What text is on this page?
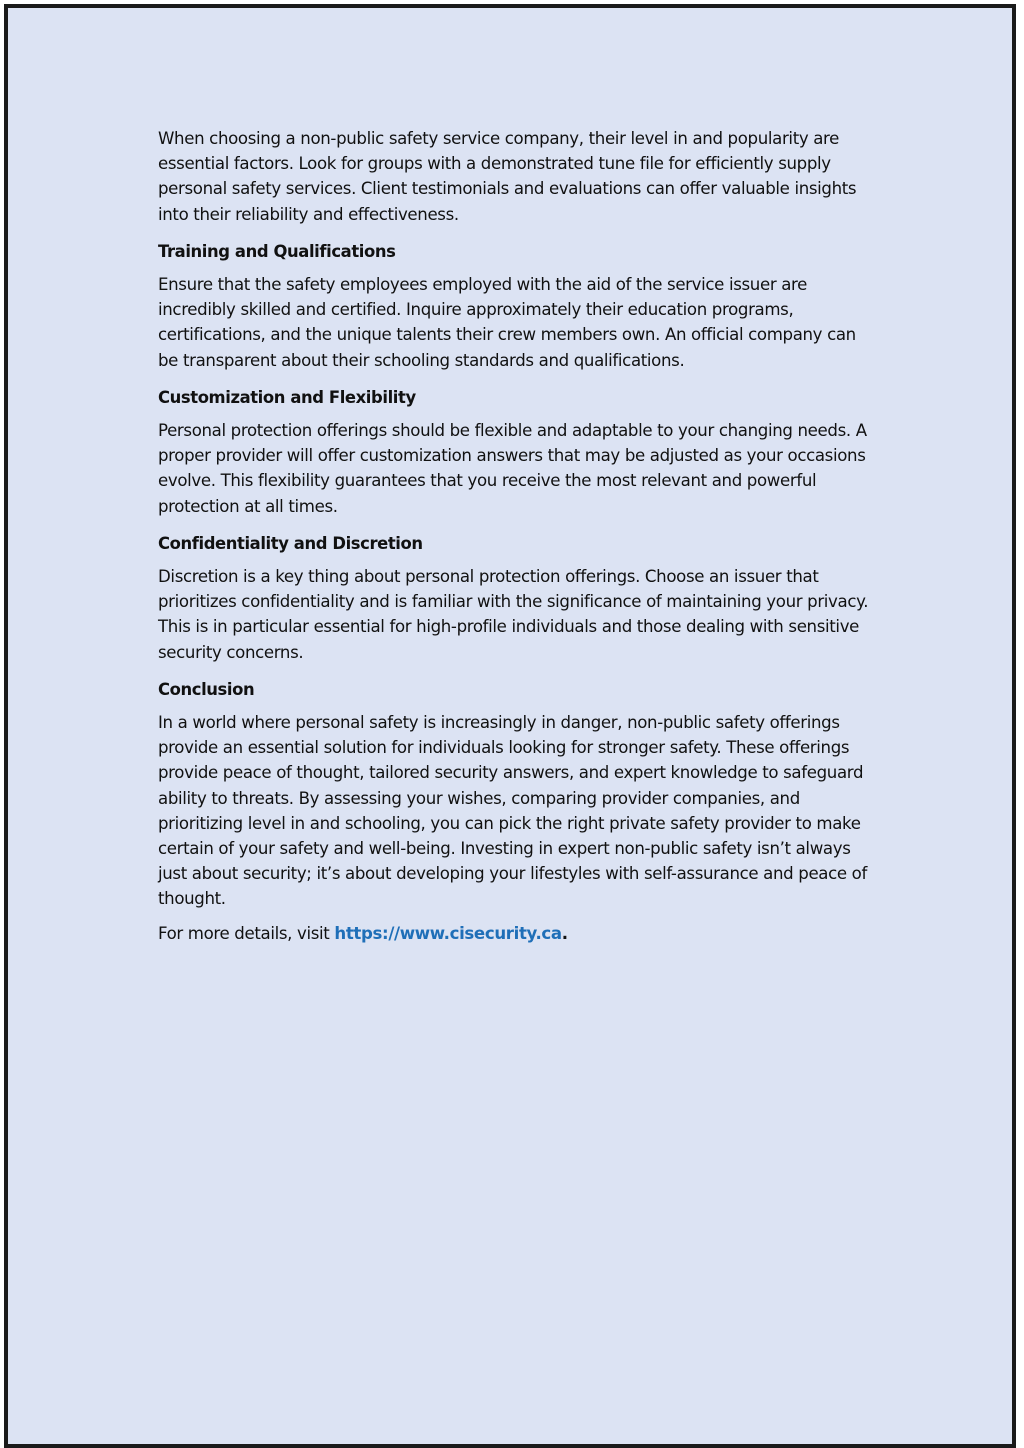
When choosing a non-public safety service company, their level in and popularity are essential factors. Look for groups with a demonstrated tune file for efficiently supply personal safety services. Client testimonials and evaluations can offer valuable insights into their reliability and effectiveness.

Training and Qualifications

Ensure that the safety employees employed with the aid of the service issuer are incredibly skilled and certified. Inquire approximately their education programs, certifications, and the unique talents their crew members own. An official company can be transparent about their schooling standards and qualifications.

Customization and Flexibility

Personal protection offerings should be flexible and adaptable to your changing needs. A proper provider will offer customization answers that may be adjusted as your occasions evolve. This flexibility guarantees that you receive the most relevant and powerful protection at all times.

Confidentiality and Discretion

Discretion is a key thing about personal protection offerings. Choose an issuer that prioritizes confidentiality and is familiar with the significance of maintaining your privacy. This is in particular essential for high-profile individuals and those dealing with sensitive security concerns.

Conclusion

In a world where personal safety is increasingly in danger, non-public safety offerings provide an essential solution for individuals looking for stronger safety. These offerings provide peace of thought, tailored security answers, and expert knowledge to safeguard ability to threats. By assessing your wishes, comparing provider companies, and prioritizing level in and schooling, you can pick the right private safety provider to make certain of your safety and well-being. Investing in expert non-public safety isn’t always just about security; it’s about developing your lifestyles with self-assurance and peace of thought.

For more details, visit https://www.cisecurity.ca.
